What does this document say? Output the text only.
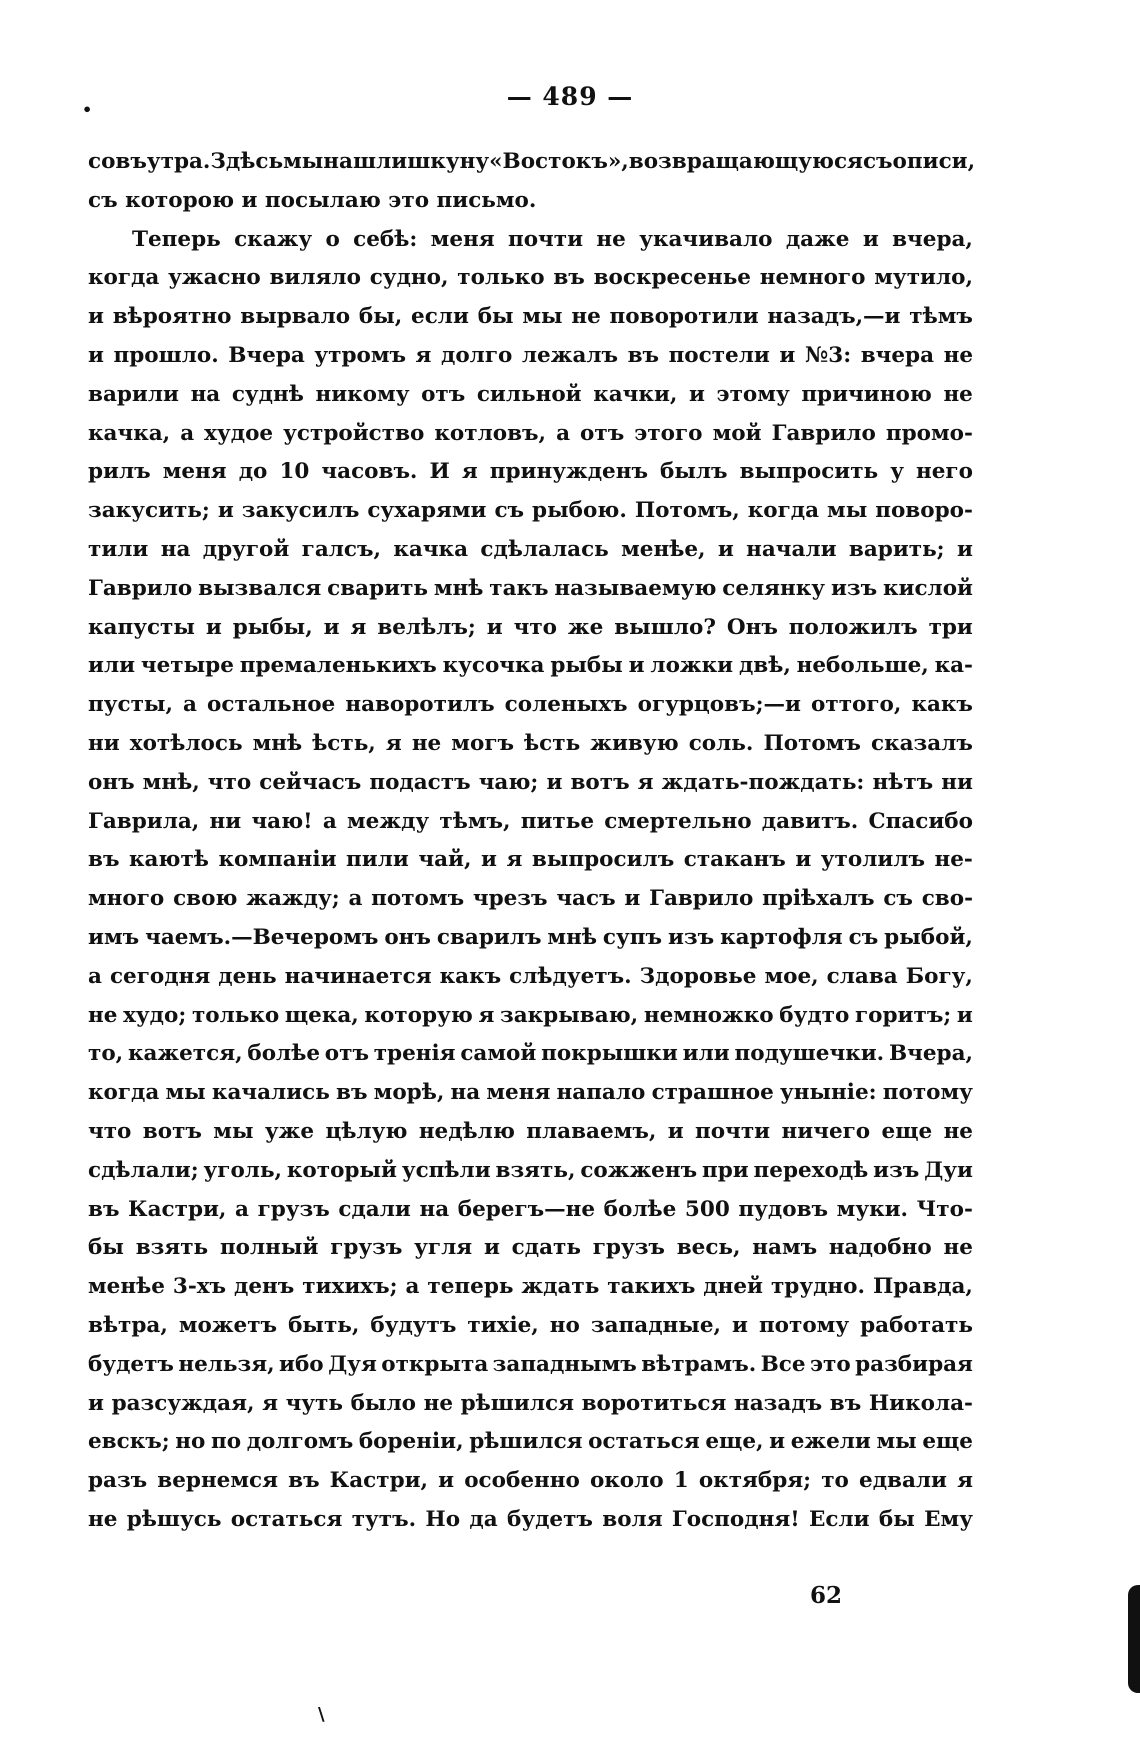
— 489 —
•
совъ утра. Здѣсь мы нашли шкуну «Востокъ», возвращающуюся съ описи,
съ которою и посылаю это письмо.
Теперь скажу о себѣ: меня почти не укачивало даже и вчера,
когда ужасно виляло судно, только въ воскресенье немного мутило,
и вѣроятно вырвало бы, если бы мы не поворотили назадъ,—и тѣмъ
и прошло. Вчера утромъ я долго лежалъ въ постели и №3: вчера не
варили на суднѣ никому отъ сильной качки, и этому причиною не
качка, а худое устройство котловъ, а отъ этого мой Гаврило промо-
рилъ меня до 10 часовъ. И я принужденъ былъ выпросить у него
закусить; и закусилъ сухарями съ рыбою. Потомъ, когда мы поворо-
тили на другой галсъ, качка сдѣлалась менѣе, и начали варить; и
Гаврило вызвался сварить мнѣ такъ называемую селянку изъ кислой
капусты и рыбы, и я велѣлъ; и что же вышло? Онъ положилъ три
или четыре премаленькихъ кусочка рыбы и ложки двѣ, небольше, ка-
пусты, а остальное наворотилъ соленыхъ огурцовъ;—и оттого, какъ
ни хотѣлось мнѣ ѣсть, я не могъ ѣсть живую соль. Потомъ сказалъ
онъ мнѣ, что сейчасъ подастъ чаю; и вотъ я ждать-пождать: нѣтъ ни
Гаврила, ни чаю! а между тѣмъ, питье смертельно давитъ. Спасибо
въ каютѣ компаніи пили чай, и я выпросилъ стаканъ и утолилъ не-
много свою жажду; а потомъ чрезъ часъ и Гаврило пріѣхалъ съ сво-
имъ чаемъ.—Вечеромъ онъ сварилъ мнѣ супъ изъ картофля съ рыбой,
а сегодня день начинается какъ слѣдуетъ. Здоровье мое, слава Богу,
не худо; только щека, которую я закрываю, немножко будто горитъ; и
то, кажется, болѣе отъ тренія самой покрышки или подушечки. Вчера,
когда мы качались въ морѣ, на меня напало страшное уныніе: потому
что вотъ мы уже цѣлую недѣлю плаваемъ, и почти ничего еще не
сдѣлали; уголь, который успѣли взять, сожженъ при переходѣ изъ Дуи
въ Кастри, а грузъ сдали на берегъ—не болѣе 500 пудовъ муки. Что-
бы взять полный грузъ угля и сдать грузъ весь, намъ надобно не
менѣе 3-хъ денъ тихихъ; а теперь ждать такихъ дней трудно. Правда,
вѣтра, можетъ быть, будутъ тихіе, но западные, и потому работать
будетъ нельзя, ибо Дуя открыта западнымъ вѣтрамъ. Все это разбирая
и разсуждая, я чуть было не рѣшился воротиться назадъ въ Никола-
евскъ; но по долгомъ бореніи, рѣшился остаться еще, и ежели мы еще
разъ вернемся въ Кастри, и особенно около 1 октября; то едвали я
не рѣшусь остаться тутъ. Но да будетъ воля Господня! Если бы Ему
62
\
